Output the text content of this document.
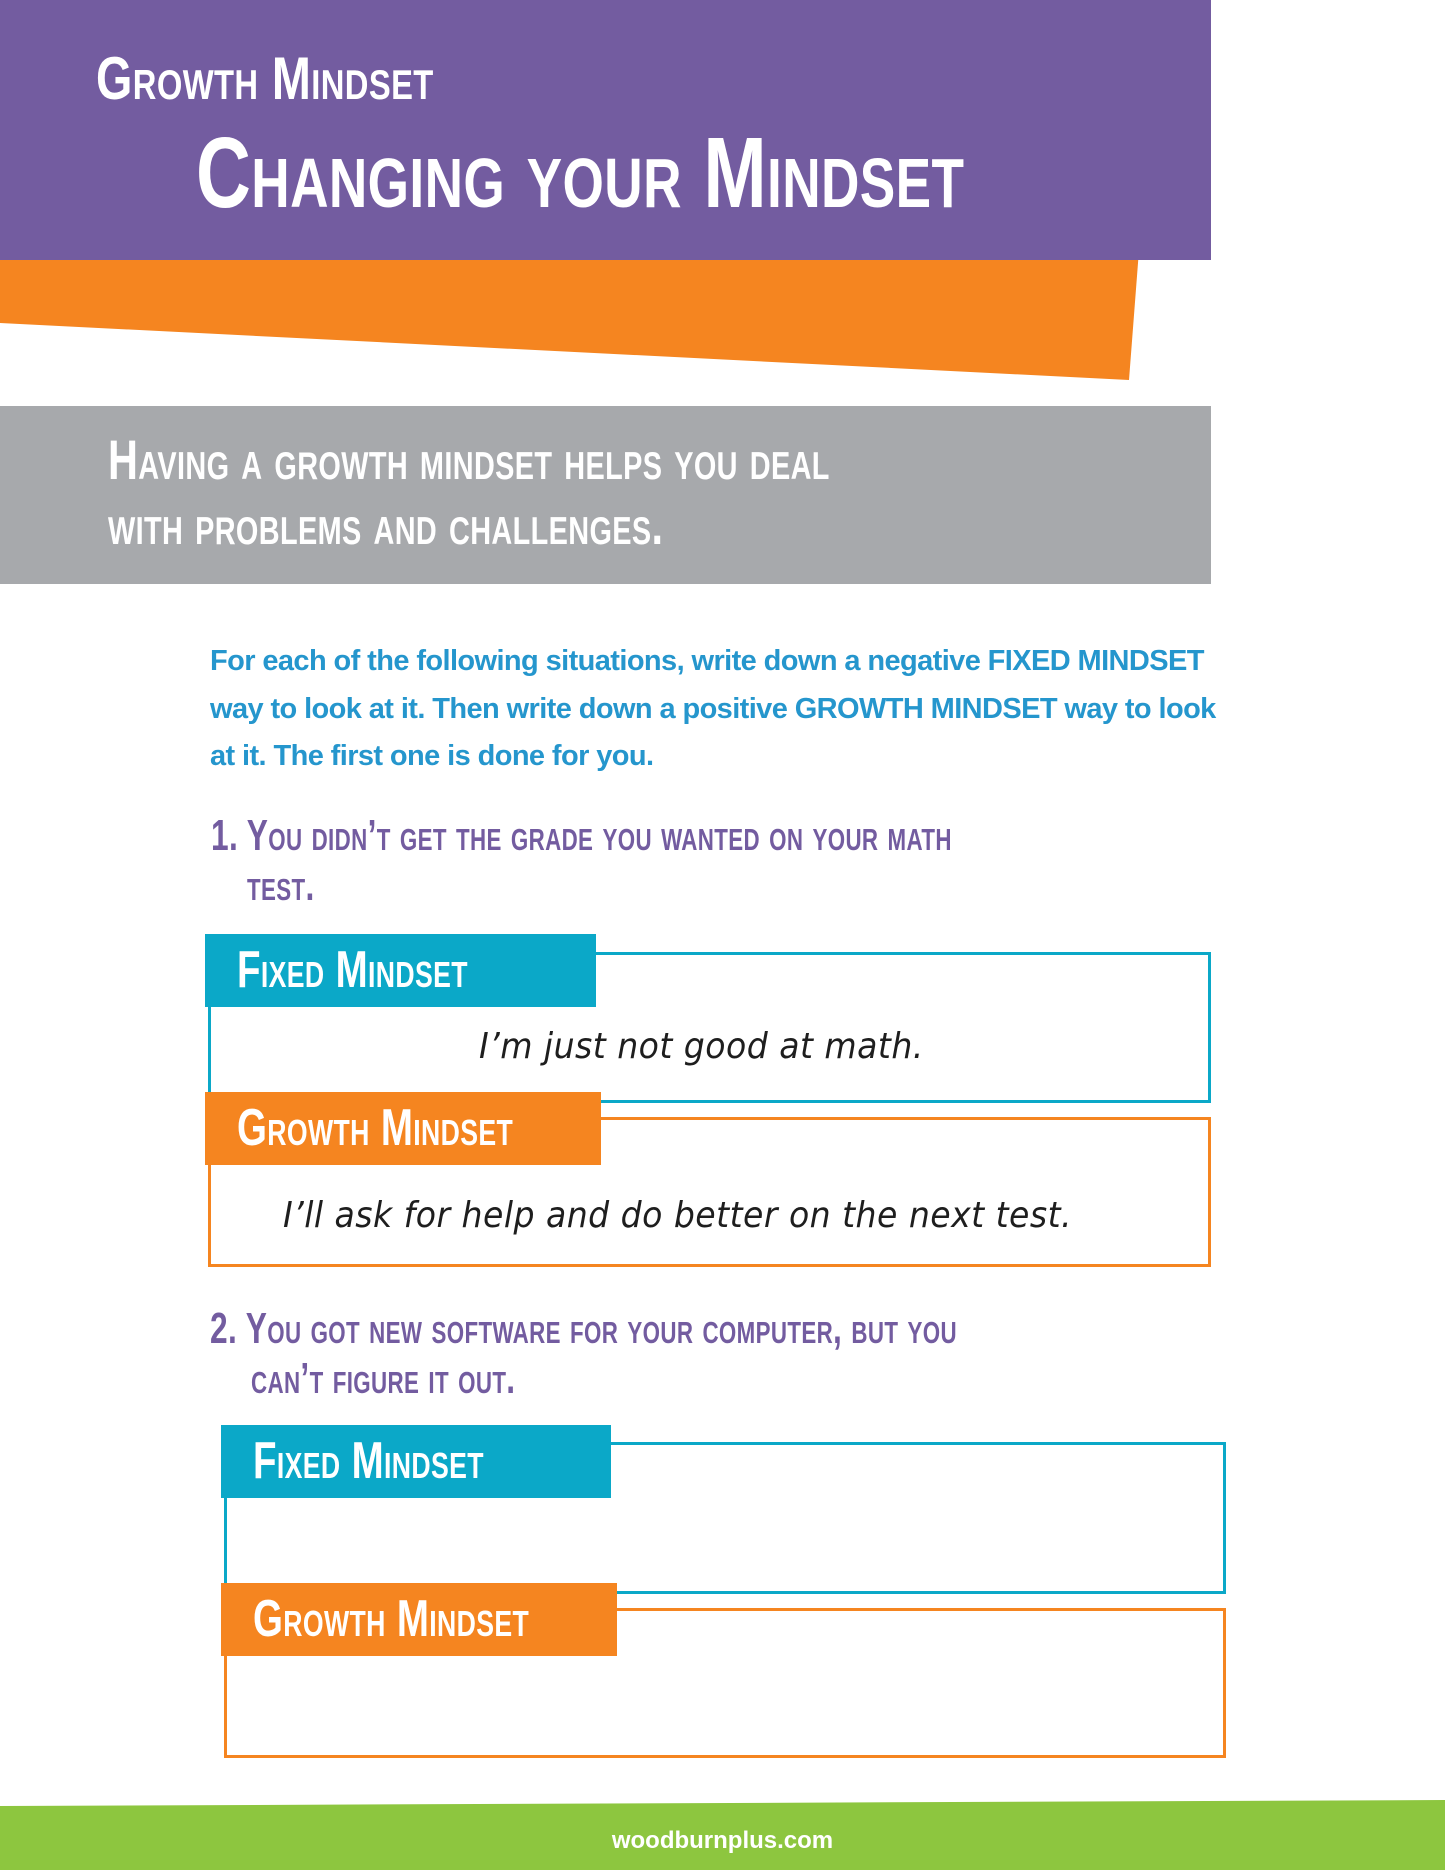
Growth Mindset
Changing your Mindset
Having a growth mindset helps you deal
with problems and challenges.
For each of the following situations, write down a negative FIXED MINDSET way to look at it. Then write down a positive GROWTH MINDSET way to look at it. The first one is done for you.
1. You didn’t get the grade you wanted on your math
test.
I’m just not good at math.
Fixed Mindset
I’ll ask for help and do better on the next test.
Growth Mindset
2. You got new software for your computer, but you
can’t figure it out.
Fixed Mindset
Growth Mindset
woodburnplus.com
